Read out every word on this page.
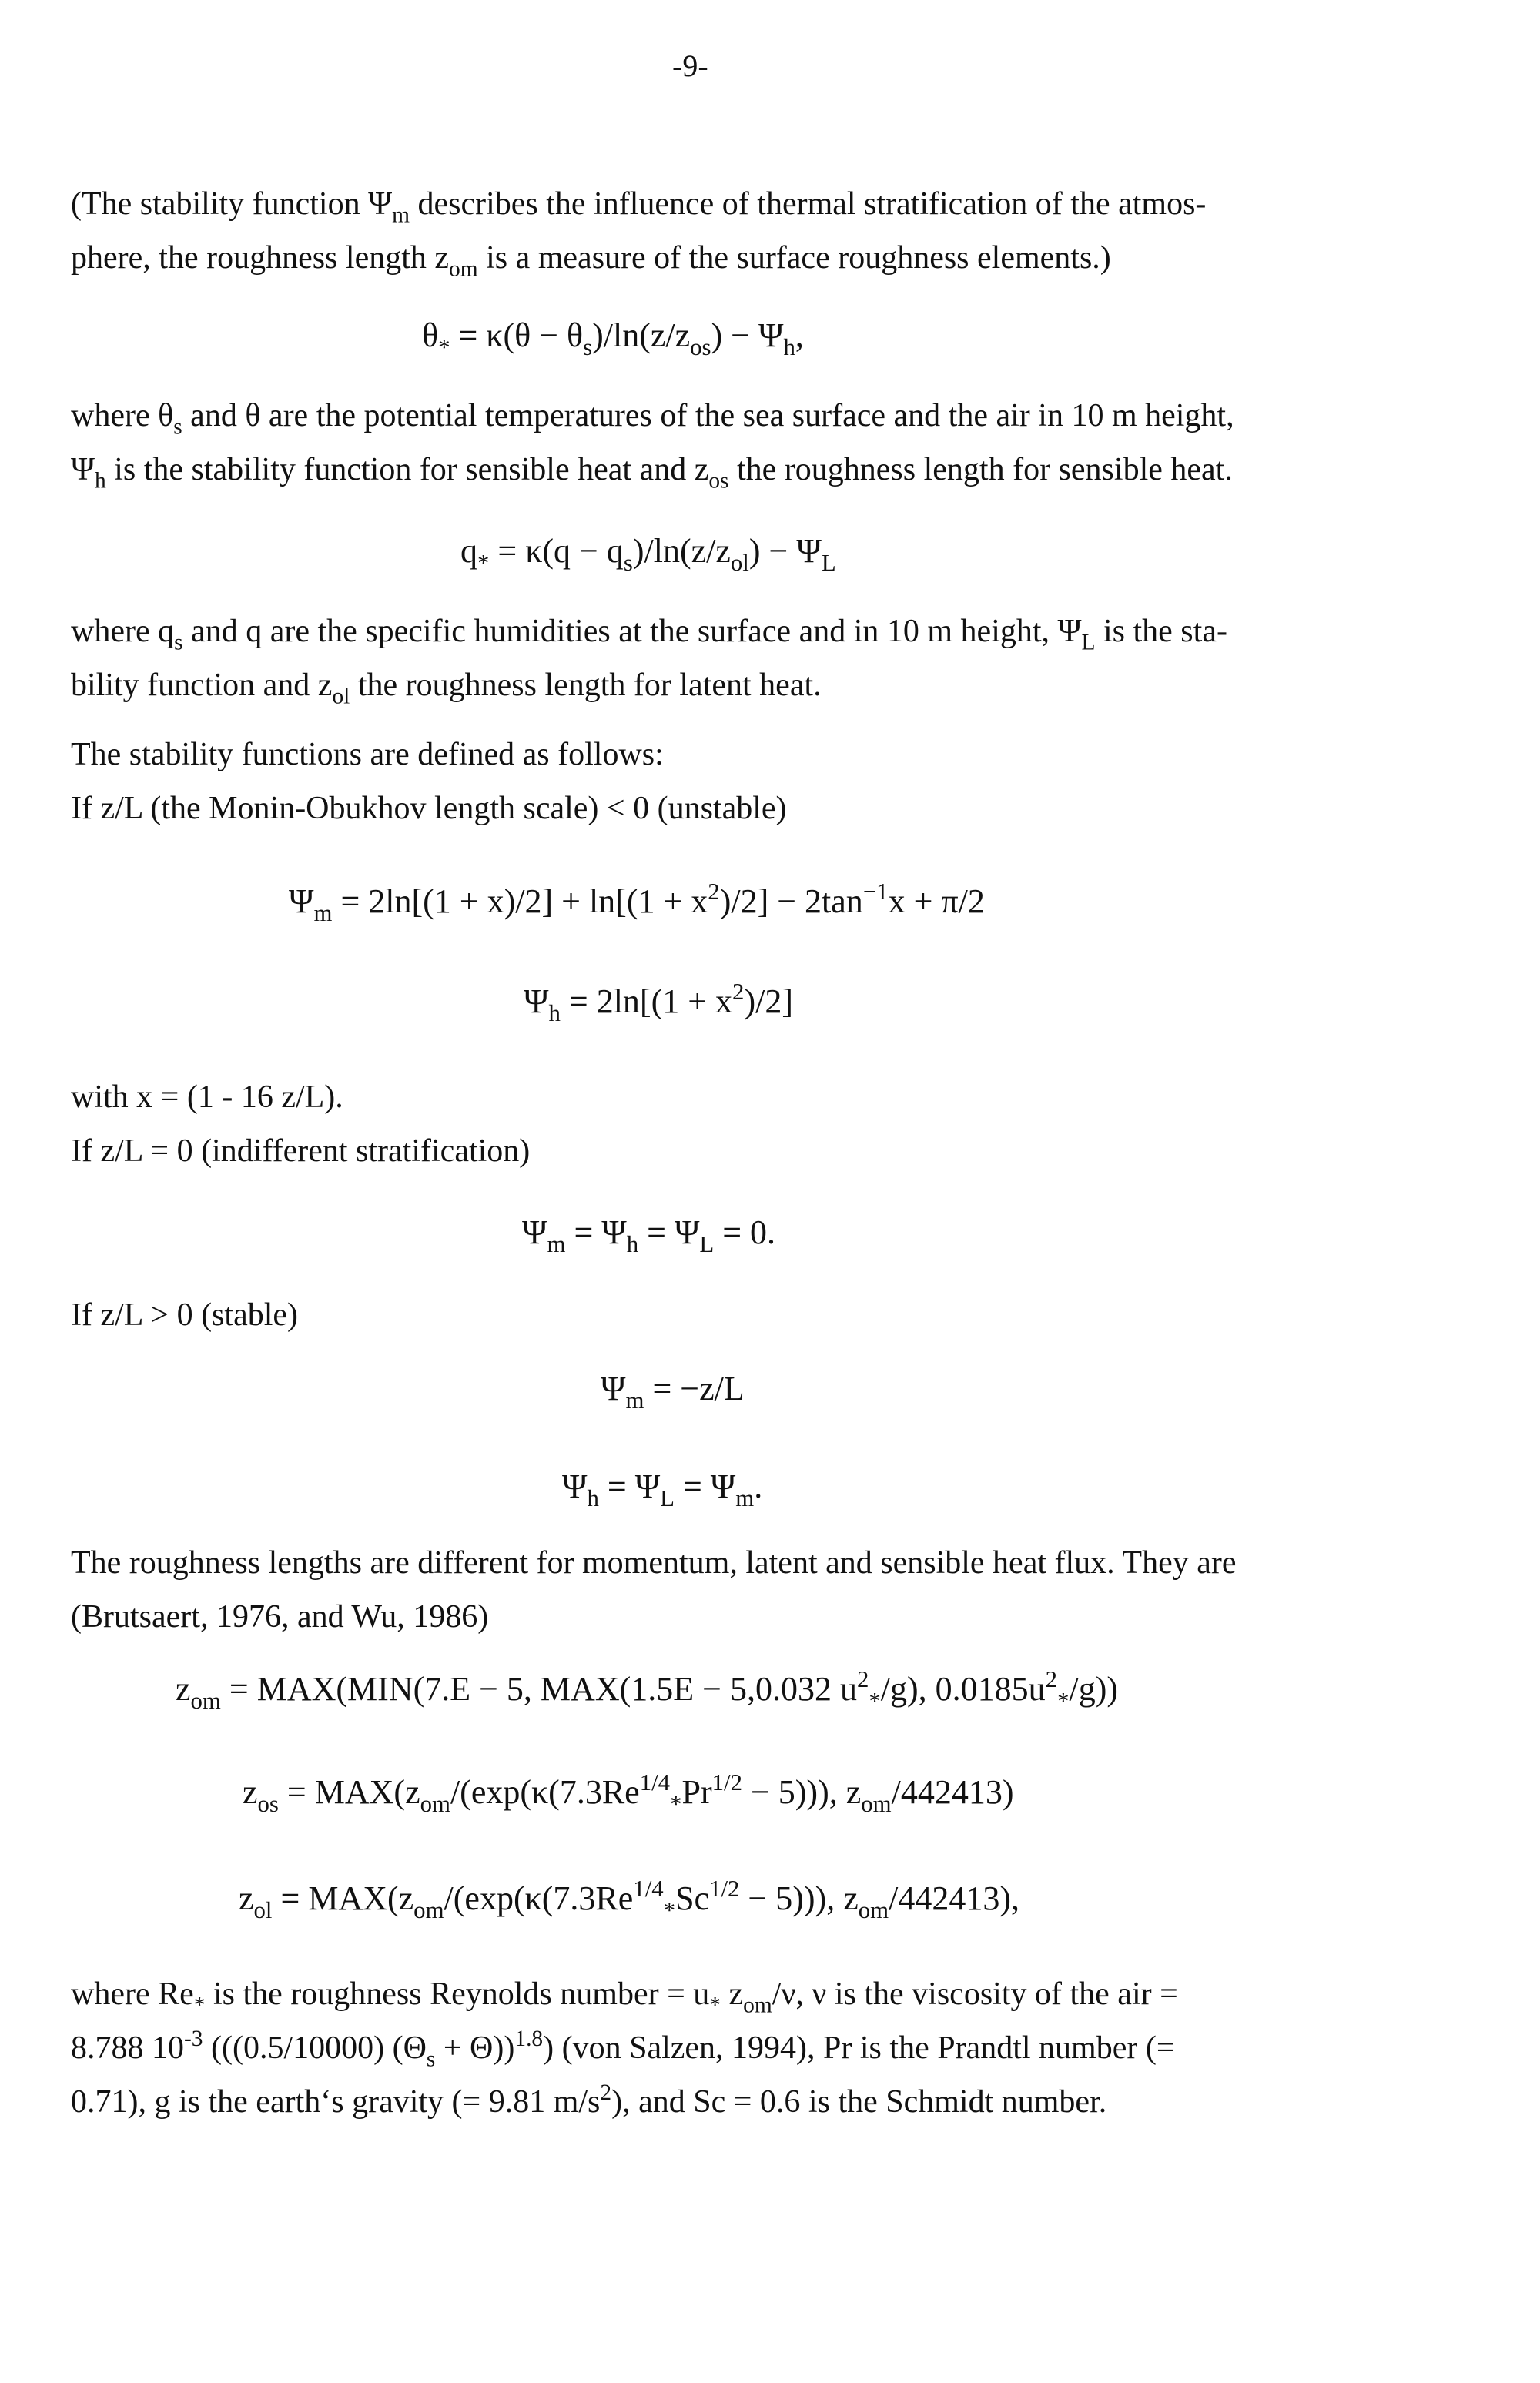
-9-

(The stability function $\Psi_m$ describes the influence of thermal stratification of the atmos-

phere, the roughness length $z_{om}$ is a measure of the surface roughness elements.)

$\theta_* = \kappa(\theta - \theta_s)/\ln(z/z_{os}) - \Psi_h$,

where $\theta_s$ and θ are the potential temperatures of the sea surface and the air in 10 m height,

$\Psi_h$ is the stability function for sensible heat and $z_{os}$ the roughness length for sensible heat.

$q_* = \kappa(q - q_s)/\ln(z/z_{ol}) - \Psi_L$

where $q_s$ and q are the specific humidities at the surface and in 10 m height, $\Psi_L$ is the sta-

bility function and $z_{ol}$ the roughness length for latent heat.

The stability functions are defined as follows:

If z/L (the Monin-Obukhov length scale) < 0 (unstable)

$\Psi_m = 2\ln[(1 + x)/2] + \ln[(1 + x^2)/2] - 2\tan^{-1}x + \pi/2$
$\Psi_h = 2\ln[(1 + x^2)/2]$

with x = (1 - 16 z/L).

If z/L = 0 (indifferent stratification)

$\Psi_m = \Psi_h = \Psi_L = 0$.
If z/L > 0 (stable)
$\Psi_m = -z/L$
$\Psi_h = \Psi_L = \Psi_m$.

The roughness lengths are different for momentum, latent and sensible heat flux. They are

(Brutsaert, 1976, and Wu, 1986)

$z_{om} = MAX(MIN(7.E - 5$, MAX(1.5E − 5,0.032 $u^2_*/g$), $0.0185u^2_*/g$))
$z_{os} = MAX(z_{om}/(\exp(\kappa(7.3Re^{1/4}_*Pr^{1/2} - 5)))$, $z_{om}/442413$)
$z_{ol} = MAX(z_{om}/(\exp(\kappa(7.3Re^{1/4}_*Sc^{1/2} - 5)))$, $z_{om}/442413$),

where $Re_*$ is the roughness Reynolds number = $u_*$ $z_{om}/\nu$, ν is the viscosity of the air =

8.788 $10^{-3}$ (((0.5/10000) $(\Theta_s + \Theta))^{1.8}$) (von Salzen, 1994), Pr is the Prandtl number (=

0.71), g is the earth‘s gravity (= 9.81 $m/s^2$), and Sc = 0.6 is the Schmidt number.
